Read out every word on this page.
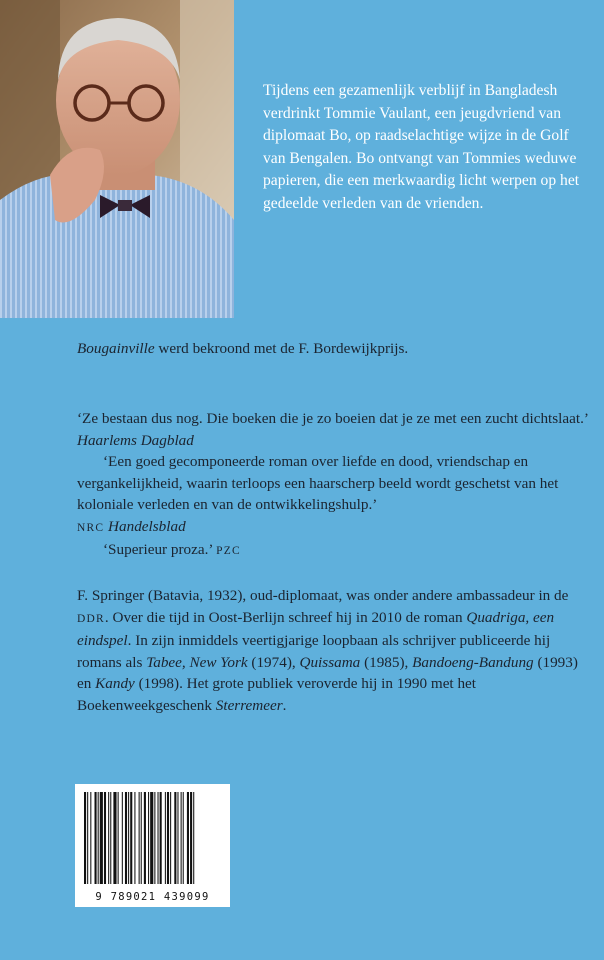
Tijdens een gezamenlijk verblijf in Bangladesh verdrinkt Tommie Vaulant, een jeugdvriend van diplomaat Bo, op raadselachtige wijze in de Golf van Bengalen. Bo ontvangt van Tommies weduwe papieren, die een merkwaardig licht werpen op het gedeelde verleden van de vrienden.

Bougainville werd bekroond met de F. Bordewijkprijs.

‘Ze bestaan dus nog. Die boeken die je zo boeien dat je ze met een zucht dichtslaat.’ Haarlems Dagblad

‘Een goed gecomponeerde roman over liefde en dood, vriendschap en vergankelijkheid, waarin terloops een haarscherp beeld wordt geschetst van het koloniale verleden en van de ontwikkelingshulp.’

NRC Handelsblad

‘Superieur proza.’ PZC

F. Springer (Batavia, 1932), oud-diplomaat, was onder andere ambassadeur in de DDR. Over die tijd in Oost-Berlijn schreef hij in 2010 de roman Quadriga, een eindspel. In zijn inmiddels veertigjarige loopbaan als schrijver publiceerde hij romans als Tabee, New York (1974), Quissama (1985), Bandoeng-Bandung (1993) en Kandy (1998). Het grote publiek veroverde hij in 1990 met het Boekenweekgeschenk Sterremeer.

9 789021 439099
